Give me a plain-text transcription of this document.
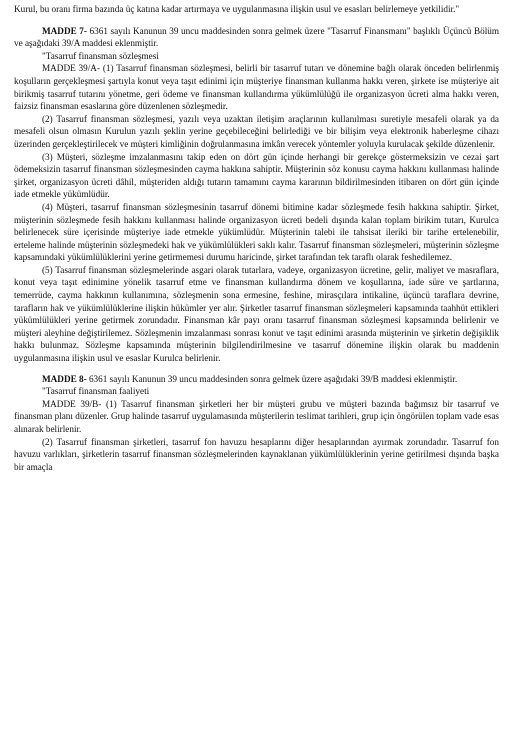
Kurul, bu oranı firma bazında üç katına kadar artırmaya ve uygulanmasına ilişkin usul ve esasları belirlemeye yetkilidir."

MADDE 7- 6361 sayılı Kanunun 39 uncu maddesinden sonra gelmek üzere "Tasarruf Finansmanı" başlıklı Üçüncü Bölüm ve aşağıdaki 39/A maddesi eklenmiştir.

"Tasarruf finansman sözleşmesi

MADDE 39/A- (1) Tasarruf finansman sözleşmesi, belirli bir tasarruf tutarı ve dönemine bağlı olarak önceden belirlenmiş koşulların gerçekleşmesi şartıyla konut veya taşıt edinimi için müşteriye finansman kullanma hakkı veren, şirkete ise müşteriye ait birikmiş tasarruf tutarını yönetme, geri ödeme ve finansman kullandırma yükümlülüğü ile organizasyon ücreti alma hakkı veren, faizsiz finansman esaslarına göre düzenlenen sözleşmedir.

(2) Tasarruf finansman sözleşmesi, yazılı veya uzaktan iletişim araçlarının kullanılması suretiyle mesafeli olarak ya da mesafeli olsun olmasın Kurulun yazılı şeklin yerine geçebileceğini belirlediği ve bir bilişim veya elektronik haberleşme cihazı üzerinden gerçekleştirilecek ve müşteri kimliğinin doğrulanmasına imkân verecek yöntemler yoluyla kurulacak şekilde düzenlenir.

(3) Müşteri, sözleşme imzalanmasını takip eden on dört gün içinde herhangi bir gerekçe göstermeksizin ve cezai şart ödemeksizin tasarruf finansman sözleşmesinden cayma hakkına sahiptir. Müşterinin söz konusu cayma hakkını kullanması halinde şirket, organizasyon ücreti dâhil, müşteriden aldığı tutarın tamamını cayma kararının bildirilmesinden itibaren on dört gün içinde iade etmekle yükümlüdür.

(4) Müşteri, tasarruf finansman sözleşmesinin tasarruf dönemi bitimine kadar sözleşmede fesih hakkına sahiptir. Şirket, müşterinin sözleşmede fesih hakkını kullanması halinde organizasyon ücreti bedeli dışında kalan toplam birikim tutarı, Kurulca belirlenecek süre içerisinde müşteriye iade etmekle yükümlüdür. Müşterinin talebi ile tahsisat ileriki bir tarihe ertelenebilir, erteleme halinde müşterinin sözleşmedeki hak ve yükümlülükleri saklı kalır. Tasarruf finansman sözleşmeleri, müşterinin sözleşme kapsamındaki yükümlülüklerini yerine getirmemesi durumu haricinde, şirket tarafından tek taraflı olarak feshedilemez.

(5) Tasarruf finansman sözleşmelerinde asgari olarak tutarlara, vadeye, organizasyon ücretine, gelir, maliyet ve masraflara, konut veya taşıt edinimine yönelik tasarruf etme ve finansman kullandırma dönem ve koşullarına, iade süre ve şartlarına, temerrüde, cayma hakkının kullanımına, sözleşmenin sona ermesine, feshine, mirasçılara intikaline, üçüncü taraflara devrine, tarafların hak ve yükümlülüklerine ilişkin hükümler yer alır. Şirketler tasarruf finansman sözleşmeleri kapsamında taahhüt ettikleri yükümlülükleri yerine getirmek zorundadır. Finansman kâr payı oranı tasarruf finansman sözleşmesi kapsamında belirlenir ve müşteri aleyhine değiştirilemez. Sözleşmenin imzalanması sonrası konut ve taşıt edinimi arasında müşterinin ve şirketin değişiklik hakkı bulunmaz. Sözleşme kapsamında müşterinin bilgilendirilmesine ve tasarruf dönemine ilişkin olarak bu maddenin uygulanmasına ilişkin usul ve esaslar Kurulca belirlenir.

MADDE 8- 6361 sayılı Kanunun 39 uncu maddesinden sonra gelmek üzere aşağıdaki 39/B maddesi eklenmiştir.

"Tasarruf finansman faaliyeti

MADDE 39/B- (1) Tasarruf finansman şirketleri her bir müşteri grubu ve müşteri bazında bağımsız bir tasarruf ve finansman planı düzenler. Grup halinde tasarruf uygulamasında müşterilerin teslimat tarihleri, grup için öngörülen toplam vade esas alınarak belirlenir.

(2) Tasarruf finansman şirketleri, tasarruf fon havuzu hesaplarını diğer hesaplarından ayırmak zorundadır. Tasarruf fon havuzu varlıkları, şirketlerin tasarruf finansman sözleşmelerinden kaynaklanan yükümlülüklerinin yerine getirilmesi dışında başka bir amaçla
